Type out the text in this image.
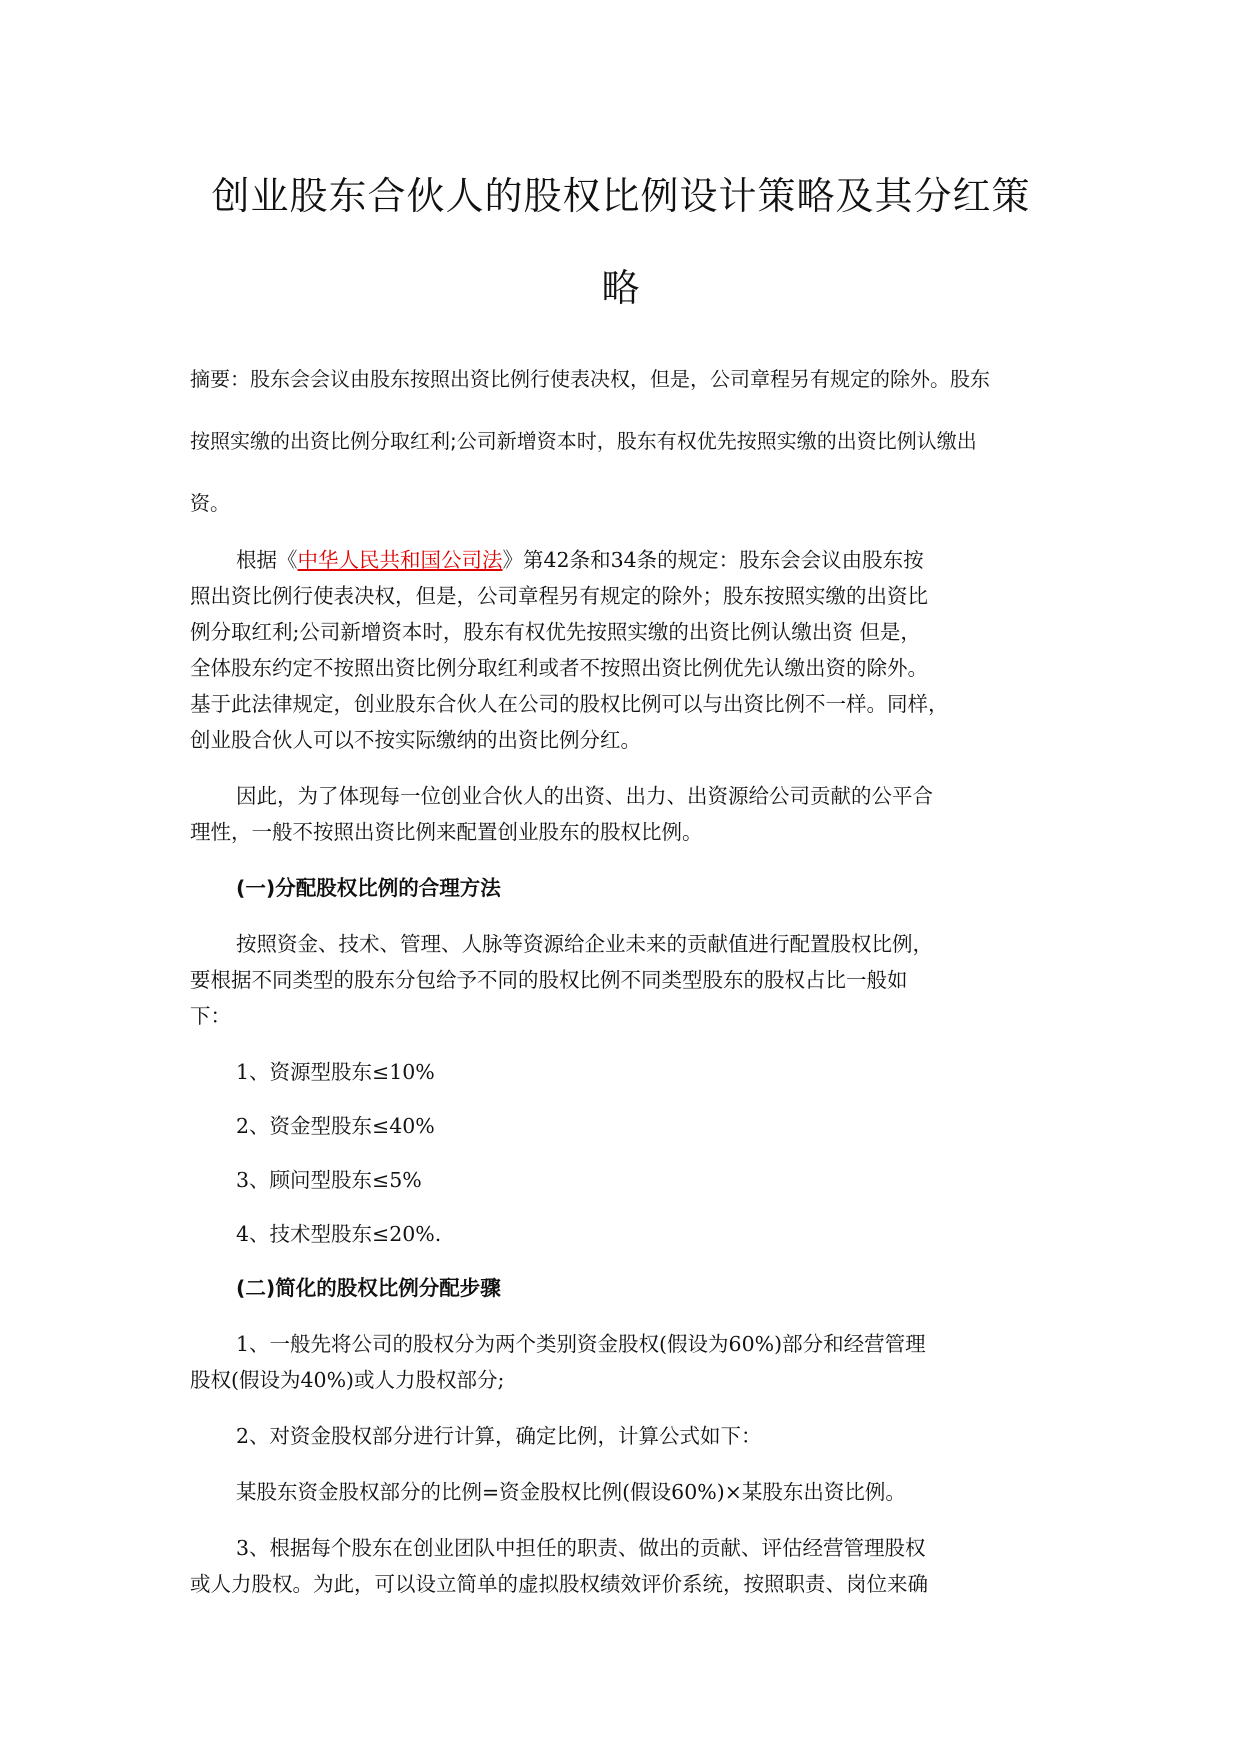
创业股东合伙人的股权比例设计策略及其分红策
略

摘要：股东会会议由股东按照出资比例行使表决权，但是，公司章程另有规定的除外。股东
按照实缴的出资比例分取红利;公司新增资本时，股东有权优先按照实缴的出资比例认缴出
资。

根据《中华人民共和国公司法》第42条和34条的规定：股东会会议由股东按
照出资比例行使表决权，但是，公司章程另有规定的除外；股东按照实缴的出资比
例分取红利;公司新增资本时，股东有权优先按照实缴的出资比例认缴出资 但是，
全体股东约定不按照出资比例分取红利或者不按照出资比例优先认缴出资的除外。
基于此法律规定，创业股东合伙人在公司的股权比例可以与出资比例不一样。同样，
创业股合伙人可以不按实际缴纳的出资比例分红。

因此，为了体现每一位创业合伙人的出资、出力、出资源给公司贡献的公平合
理性，一般不按照出资比例来配置创业股东的股权比例。

(一)分配股权比例的合理方法

按照资金、技术、管理、人脉等资源给企业未来的贡献值进行配置股权比例，
要根据不同类型的股东分包给予不同的股权比例不同类型股东的股权占比一般如
下：

1、资源型股东≤10%

2、资金型股东≤40%

3、顾问型股东≤5%

4、技术型股东≤20%.

(二)简化的股权比例分配步骤

1、一般先将公司的股权分为两个类别资金股权(假设为60%)部分和经营管理
股权(假设为40%)或人力股权部分;

2、对资金股权部分进行计算，确定比例，计算公式如下：

某股东资金股权部分的比例=资金股权比例(假设60%)×某股东出资比例。

3、根据每个股东在创业团队中担任的职责、做出的贡献、评估经营管理股权
或人力股权。为此，可以设立简单的虚拟股权绩效评价系统，按照职责、岗位来确
